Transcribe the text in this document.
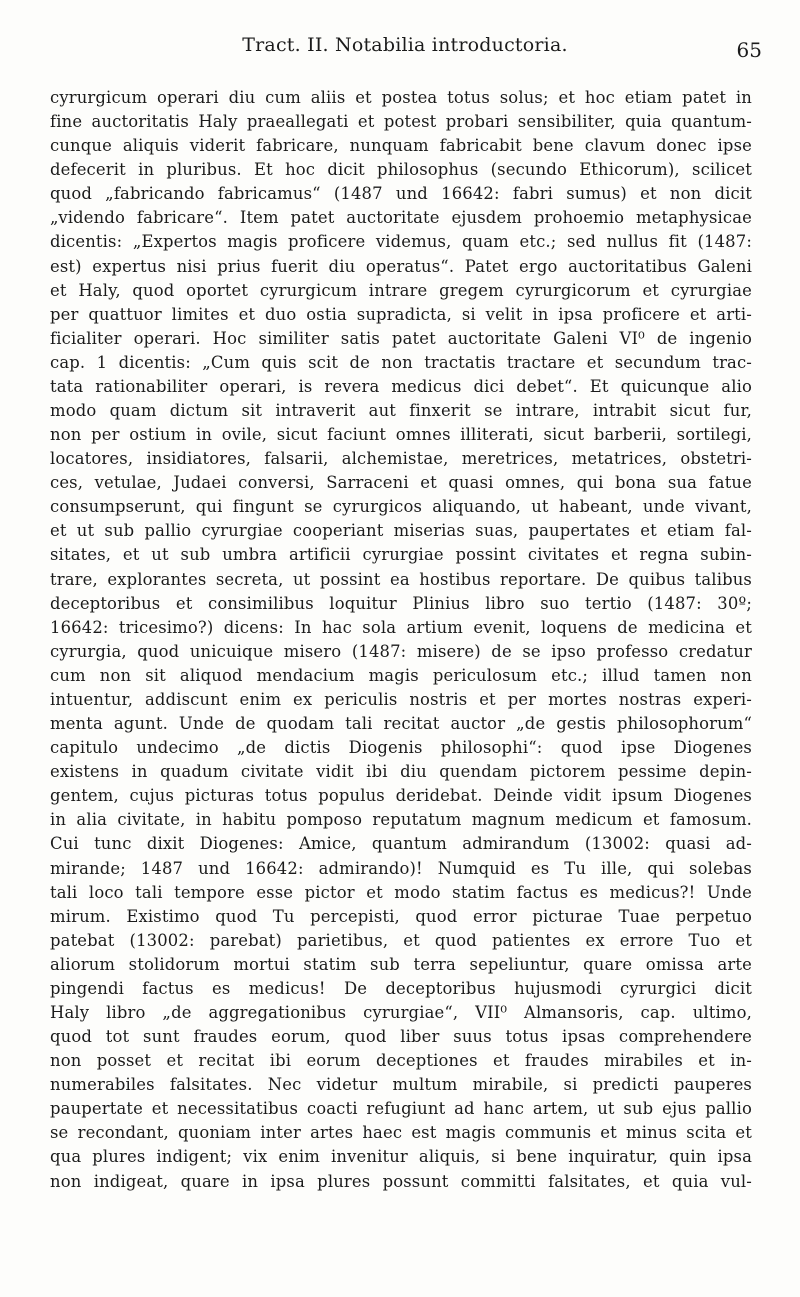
Tract. II. Notabilia introductoria.	65
cyrurgicum operari diu cum aliis et postea totus solus; et hoc etiam patet in
fine auctoritatis Haly praeallegati et potest probari sensibiliter, quia quantum-
cunque aliquis viderit fabricare, nunquam fabricabit bene clavum donec ipse
defecerit in pluribus. Et hoc dicit philosophus (secundo Ethicorum), scilicet
quod „fabricando fabricamus“ (1487 und 16642: fabri sumus) et non dicit
„videndo fabricare“. Item patet auctoritate ejusdem prohoemio metaphysicae
dicentis: „Expertos magis proficere videmus, quam etc.; sed nullus fit (1487:
est) expertus nisi prius fuerit diu operatus“. Patet ergo auctoritatibus Galeni
et Haly, quod oportet cyrurgicum intrare gregem cyrurgicorum et cyrurgiae
per quattuor limites et duo ostia supradicta, si velit in ipsa proficere et arti-
ficialiter operari. Hoc similiter satis patet auctoritate Galeni VI⁰ de ingenio
cap. 1 dicentis: „Cum quis scit de non tractatis tractare et secundum trac-
tata rationabiliter operari, is revera medicus dici debet“. Et quicunque alio
modo quam dictum sit intraverit aut finxerit se intrare, intrabit sicut fur,
non per ostium in ovile, sicut faciunt omnes illiterati, sicut barberii, sortilegi,
locatores, insidiatores, falsarii, alchemistae, meretrices, metatrices, obstetri-
ces, vetulae, Judaei conversi, Sarraceni et quasi omnes, qui bona sua fatue
consumpserunt, qui fingunt se cyrurgicos aliquando, ut habeant, unde vivant,
et ut sub pallio cyrurgiae cooperiant miserias suas, paupertates et etiam fal-
sitates, et ut sub umbra artificii cyrurgiae possint civitates et regna subin-
trare, explorantes secreta, ut possint ea hostibus reportare. De quibus talibus
deceptoribus et consimilibus loquitur Plinius libro suo tertio (1487: 30º;
16642: tricesimo?) dicens: In hac sola artium evenit, loquens de medicina et
cyrurgia, quod unicuique misero (1487: misere) de se ipso professo credatur
cum non sit aliquod mendacium magis periculosum etc.; illud tamen non
intuentur, addiscunt enim ex periculis nostris et per mortes nostras experi-
menta agunt. Unde de quodam tali recitat auctor „de gestis philosophorum“
capitulo undecimo „de dictis Diogenis philosophi“: quod ipse Diogenes
existens in quadum civitate vidit ibi diu quendam pictorem pessime depin-
gentem, cujus picturas totus populus deridebat. Deinde vidit ipsum Diogenes
in alia civitate, in habitu pomposo reputatum magnum medicum et famosum.
Cui tunc dixit Diogenes: Amice, quantum admirandum (13002: quasi ad-
mirande; 1487 und 16642: admirando)! Numquid es Tu ille, qui solebas
tali loco tali tempore esse pictor et modo statim factus es medicus?! Unde
mirum. Existimo quod Tu percepisti, quod error picturae Tuae perpetuo
patebat (13002: parebat) parietibus, et quod patientes ex errore Tuo et
aliorum stolidorum mortui statim sub terra sepeliuntur, quare omissa arte
pingendi factus es medicus! De deceptoribus hujusmodi cyrurgici dicit
Haly libro „de aggregationibus cyrurgiae“, VII⁰ Almansoris, cap. ultimo,
quod tot sunt fraudes eorum, quod liber suus totus ipsas comprehendere
non posset et recitat ibi eorum deceptiones et fraudes mirabiles et in-
numerabiles falsitates. Nec videtur multum mirabile, si predicti pauperes
paupertate et necessitatibus coacti refugiunt ad hanc artem, ut sub ejus pallio
se recondant, quoniam inter artes haec est magis communis et minus scita et
qua plures indigent; vix enim invenitur aliquis, si bene inquiratur, quin ipsa
non indigeat, quare in ipsa plures possunt committi falsitates, et quia vul-
